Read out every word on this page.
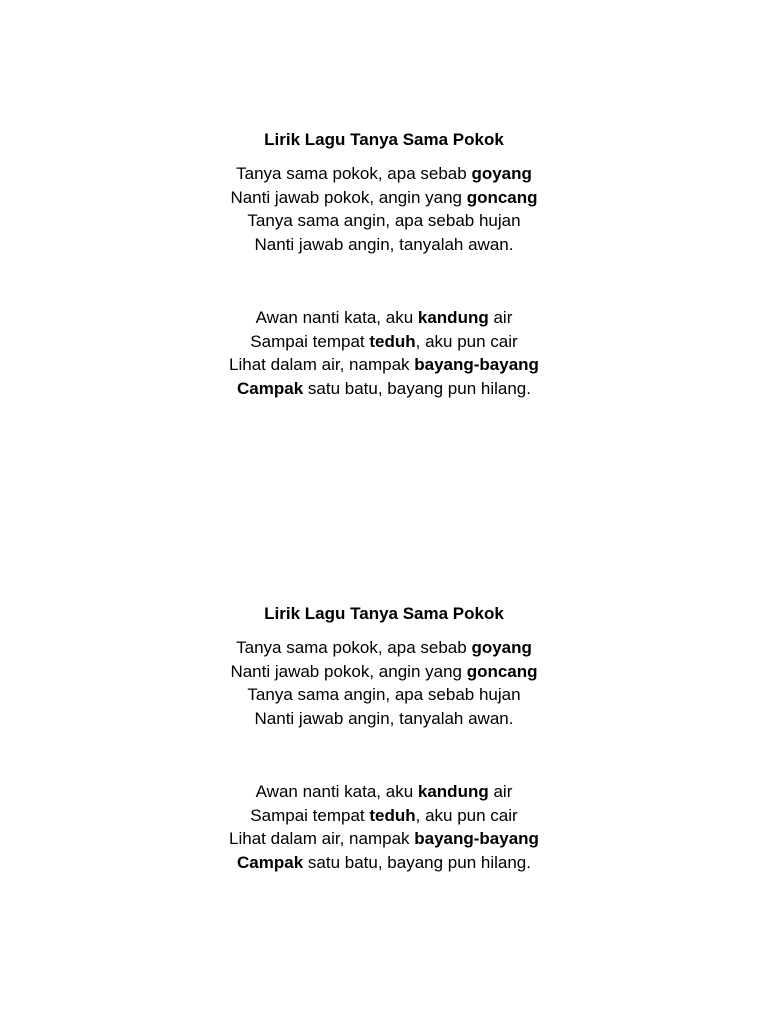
Lirik Lagu Tanya Sama Pokok
Tanya sama pokok, apa sebab goyang
Nanti jawab pokok, angin yang goncang
Tanya sama angin, apa sebab hujan
Nanti jawab angin, tanyalah awan.
Awan nanti kata, aku kandung air
Sampai tempat teduh, aku pun cair
Lihat dalam air, nampak bayang-bayang
Campak satu batu, bayang pun hilang.
Lirik Lagu Tanya Sama Pokok
Tanya sama pokok, apa sebab goyang
Nanti jawab pokok, angin yang goncang
Tanya sama angin, apa sebab hujan
Nanti jawab angin, tanyalah awan.
Awan nanti kata, aku kandung air
Sampai tempat teduh, aku pun cair
Lihat dalam air, nampak bayang-bayang
Campak satu batu, bayang pun hilang.
